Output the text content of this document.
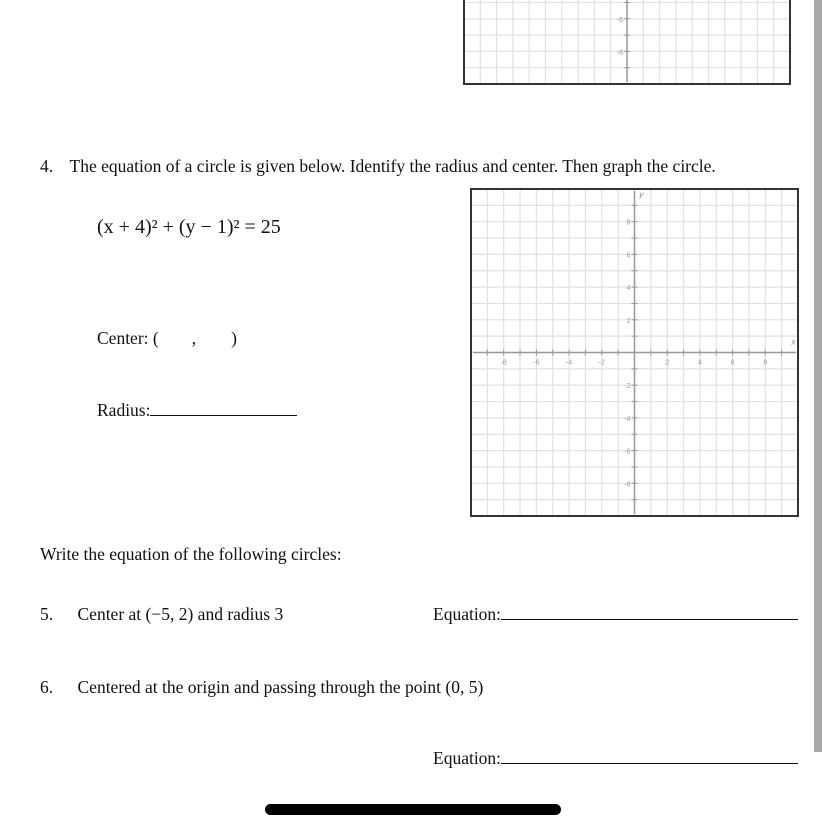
-6
-8
4. The equation of a circle is given below. Identify the radius and center. Then graph the circle.
(x + 4)² + (y − 1)² = 25
Center: ( , )
Radius:
-8
-8
-6
-6
-4
-4
-2
-2
2
2
4
4
6
6
8
8
x
y
Write the equation of the following circles:
5. Center at (−5, 2) and radius 3	Equation:
6. Centered at the origin and passing through the point (0, 5)
Equation:
